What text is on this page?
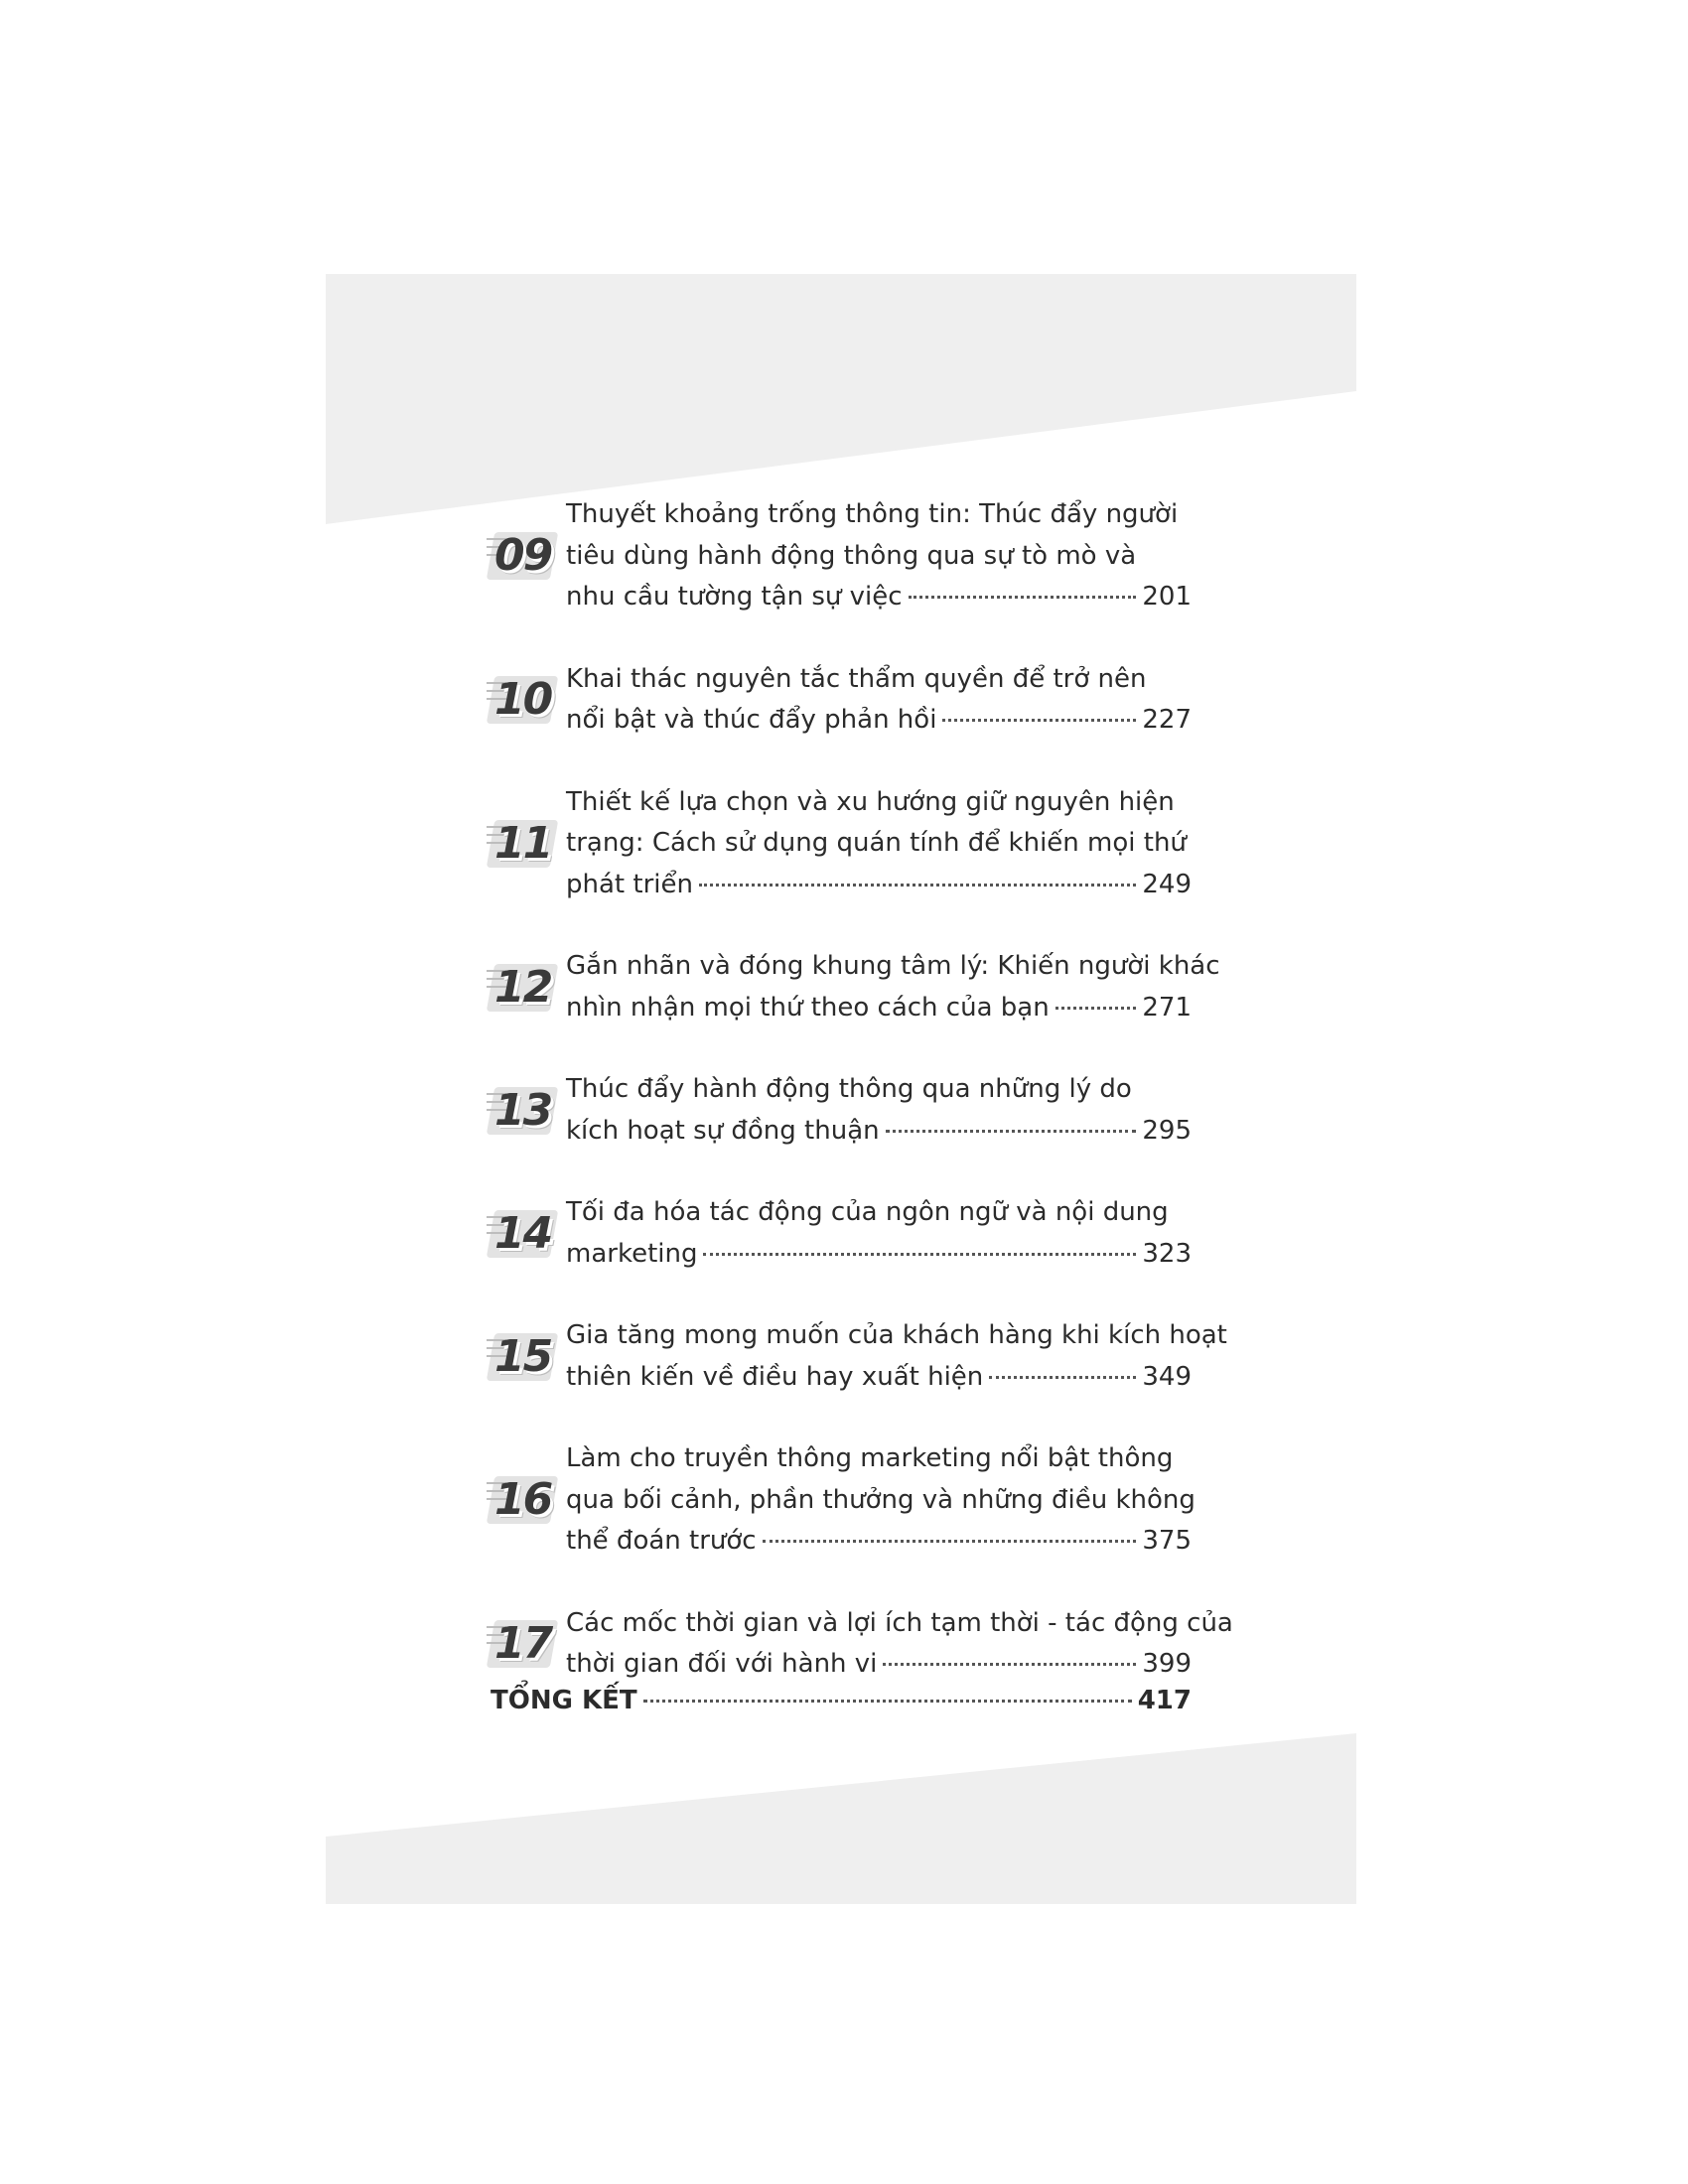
09
Thuyết khoảng trống thông tin: Thúc đẩy người
tiêu dùng hành động thông qua sự tò mò và
nhu cầu tường tận sự việc	201
10 Khai thác nguyên tắc thẩm quyền để trở nên
nổi bật và thúc đẩy phản hồi	227
11
Thiết kế lựa chọn và xu hướng giữ nguyên hiện
trạng: Cách sử dụng quán tính để khiến mọi thứ
phát triển	249
12 Gắn nhãn và đóng khung tâm lý: Khiến người khác
nhìn nhận mọi thứ theo cách của bạn	271
13 Thúc đẩy hành động thông qua những lý do
kích hoạt sự đồng thuận	295
14 Tối đa hóa tác động của ngôn ngữ và nội dung
marketing	323
15 Gia tăng mong muốn của khách hàng khi kích hoạt
thiên kiến về điều hay xuất hiện	349
16
Làm cho truyền thông marketing nổi bật thông
qua bối cảnh, phần thưởng và những điều không
thể đoán trước	375
17 Các mốc thời gian và lợi ích tạm thời - tác động của
thời gian đối với hành vi	399
TỔNG KẾT	417
